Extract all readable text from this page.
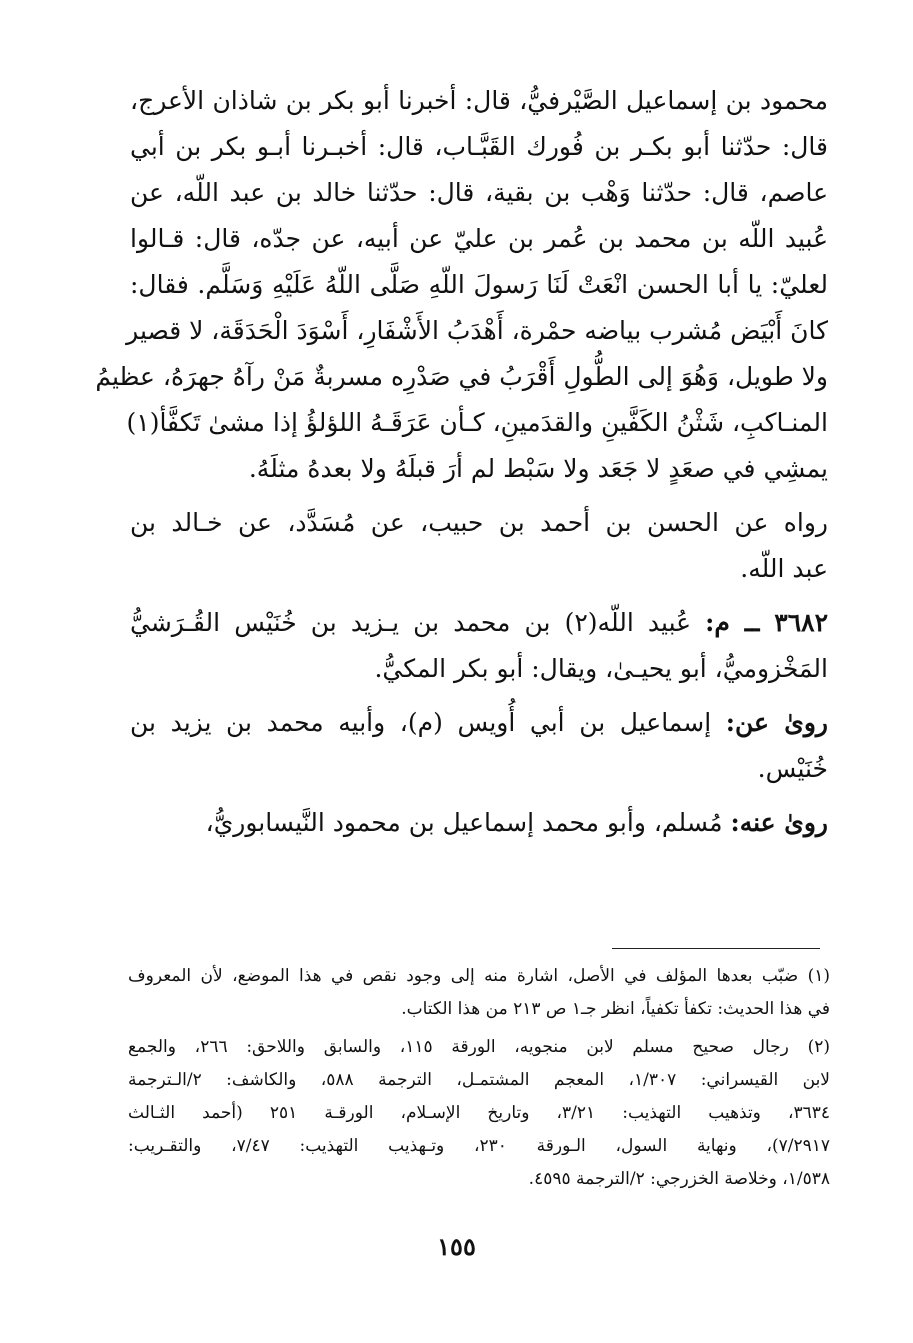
محمود بن إسماعيل الصَّيْرفيُّ، قال: أخبرنا أبو بكر بن شاذان الأعرج،
قال: حدّثنا أبو بكـر بن فُورك القَبَّـاب، قال: أخبـرنا أبـو بكر بن أبي
عاصم، قال: حدّثنا وَهْب بن بقية، قال: حدّثنا خالد بن عبد اللّه، عن
عُبيد اللّه بن محمد بن عُمر بن عليّ عن أبيه، عن جدّه، قال: قـالوا
لعليّ: يا أبا الحسن انْعَتْ لَنَا رَسولَ اللّهِ صَلَّى اللّهُ عَلَيْهِ وَسَلَّم. فقال:
كانَ أَبْيَض مُشرب بياضه حمْرة، أَهْدَبُ الأَشْفَارِ، أَسْوَدَ الْحَدَقَة، لا قصير
ولا طويل، وَهُوَ إلى الطُّولِ أَقْرَبُ في صَدْرِه مسربةٌ مَنْ رآهُ جهرَهُ، عظيمُ
المنـاكبِ، شَثْنُ الكَفَّينِ والقدَمينِ، كـأن عَرَقَـهُ اللؤلؤُ إذا مشىٰ تَكفَّأ(١)
يمشِي في صعَدٍ لا جَعَد ولا سَبْط لم أرَ قبلَهُ ولا بعدهُ مثلَهُ.
رواه عن الحسن بن أحمد بن حبيب، عن مُسَدَّد، عن خـالد بن
عبد اللّه.
٣٦٨٢ ــ م: عُبيد اللّه(٢) بن محمد بن يـزيد بن خُنَيْس القُـرَشيُّ
المَخْزوميُّ، أبو يحيـىٰ، ويقال: أبو بكر المكيُّ.
روىٰ عن: إسماعيل بن أبي أُويس (م)، وأبيه محمد بن يزيد بن
خُنَيْس.
روىٰ عنه: مُسلم، وأبو محمد إسماعيل بن محمود النَّيسابوريُّ،
(١) ضبّب بعدها المؤلف في الأصل، اشارة منه إلى وجود نقص في هذا الموضع، لأن المعروف
في هذا الحديث: تكفأ تكفياً، انظر جـ١ ص ٢١٣ من هذا الكتاب.
(٢) رجال صحيح مسلم لابن منجويه، الورقة ١١٥، والسابق واللاحق: ٢٦٦، والجمع
لابن القيسراني: ١/٣٠٧، المعجم المشتمـل، الترجمة ٥٨٨، والكاشف: ٢/الـترجمة
٣٦٣٤، وتذهيب التهذيب: ٣/٢١، وتاريخ الإسـلام، الورقـة ٢٥١ (أحمد الثـالث
٧/٢٩١٧)، ونهاية السول، الـورقة ٢٣٠، وتـهذيب التهذيب: ٧/٤٧، والتقـريب:
١/٥٣٨، وخلاصة الخزرجي: ٢/الترجمة ٤٥٩٥.
١٥٥
